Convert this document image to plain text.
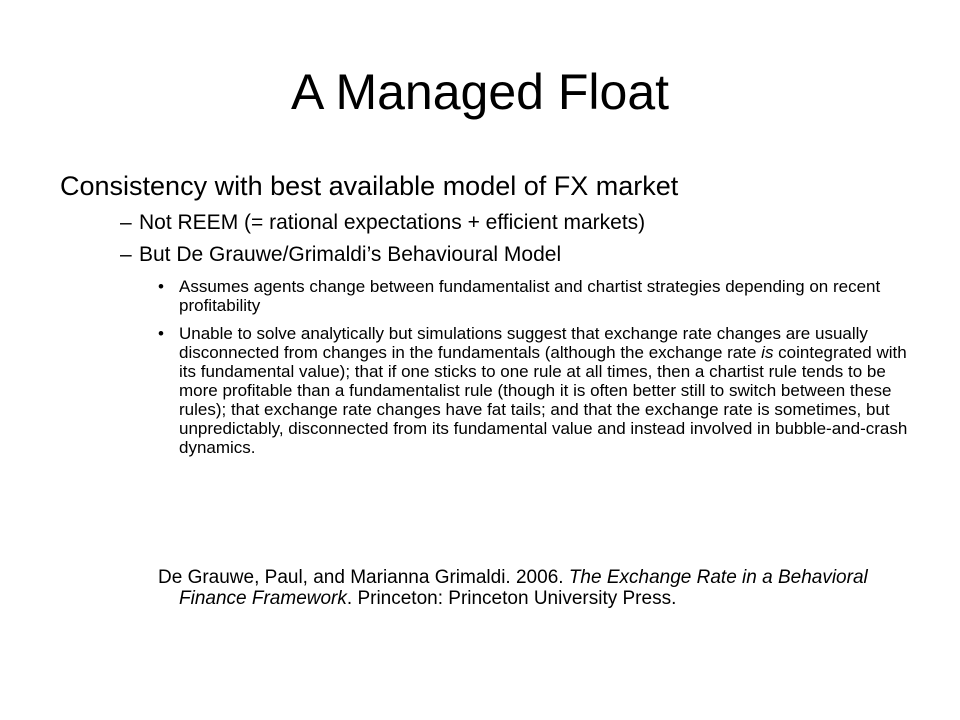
A Managed Float
Consistency with best available model of FX market
– Not REEM (= rational expectations + efficient markets)
– But De Grauwe/Grimaldi’s Behavioural Model
• Assumes agents change between fundamentalist and chartist strategies depending on recent profitability
• Unable to solve analytically but simulations suggest that exchange rate changes are usually disconnected from changes in the fundamentals (although the exchange rate is cointegrated with its fundamental value); that if one sticks to one rule at all times, then a chartist rule tends to be more profitable than a fundamentalist rule (though it is often better still to switch between these rules); that exchange rate changes have fat tails; and that the exchange rate is sometimes, but unpredictably, disconnected from its fundamental value and instead involved in bubble-and-crash dynamics.
De Grauwe, Paul, and Marianna Grimaldi. 2006. The Exchange Rate in a Behavioral Finance Framework. Princeton: Princeton University Press.
